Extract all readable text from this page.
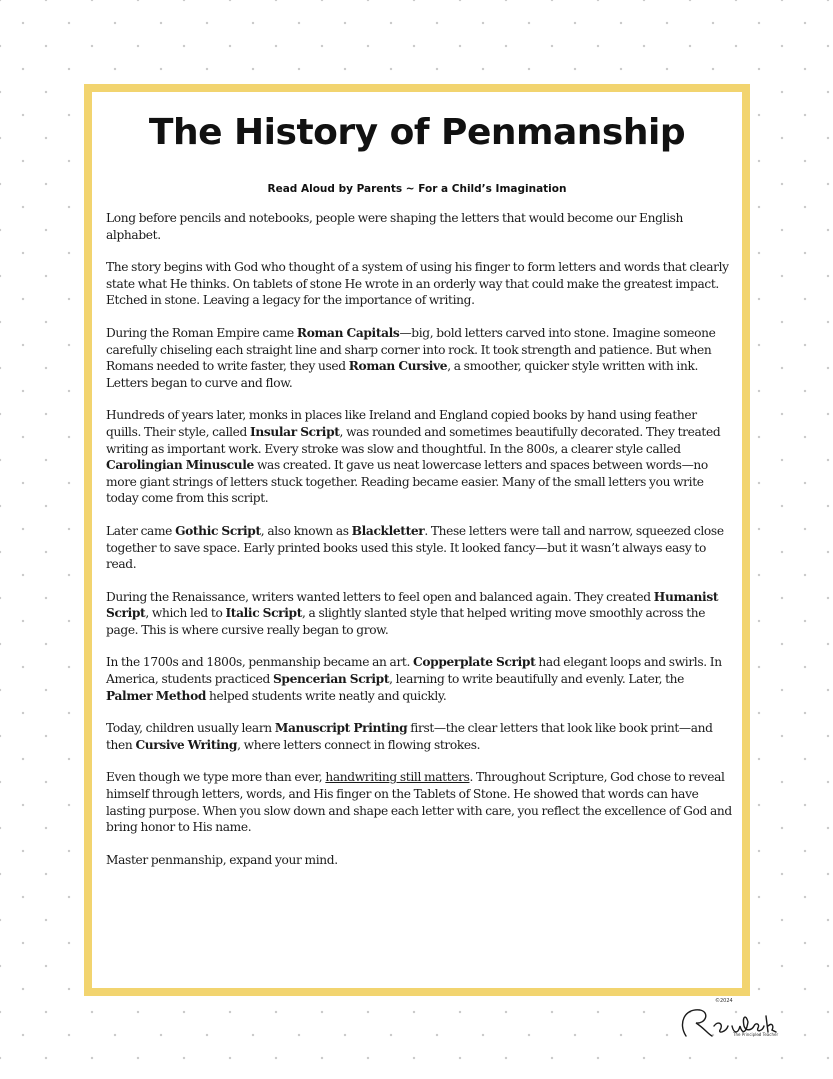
The History of Penmanship
Read Aloud by Parents ~ For a Child’s Imagination

Long before pencils and notebooks, people were shaping the letters that would become our English alphabet.

The story begins with God who thought of a system of using his finger to form letters and words that clearly state what He thinks. On tablets of stone He wrote in an orderly way that could make the greatest impact. Etched in stone. Leaving a legacy for the importance of writing.

During the Roman Empire came Roman Capitals—big, bold letters carved into stone. Imagine someone carefully chiseling each straight line and sharp corner into rock. It took strength and patience. But when Romans needed to write faster, they used Roman Cursive, a smoother, quicker style written with ink. Letters began to curve and flow.

Hundreds of years later, monks in places like Ireland and England copied books by hand using feather quills. Their style, called Insular Script, was rounded and sometimes beautifully decorated. They treated writing as important work. Every stroke was slow and thoughtful. In the 800s, a clearer style called Carolingian Minuscule was created. It gave us neat lowercase letters and spaces between words—no more giant strings of letters stuck together. Reading became easier. Many of the small letters you write today come from this script.

Later came Gothic Script, also known as Blackletter. These letters were tall and narrow, squeezed close together to save space. Early printed books used this style. It looked fancy—but it wasn’t always easy to read.

During the Renaissance, writers wanted letters to feel open and balanced again. They created Humanist Script, which led to Italic Script, a slightly slanted style that helped writing move smoothly across the page. This is where cursive really began to grow.

In the 1700s and 1800s, penmanship became an art. Copperplate Script had elegant loops and swirls. In America, students practiced Spencerian Script, learning to write beautifully and evenly. Later, the Palmer Method helped students write neatly and quickly.

Today, children usually learn Manuscript Printing first—the clear letters that look like book print—and then Cursive Writing, where letters connect in flowing strokes.

Even though we type more than ever, handwriting still matters. Throughout Scripture, God chose to reveal himself through letters, words, and His finger on the Tablets of Stone. He showed that words can have lasting purpose. When you slow down and shape each letter with care, you reflect the excellence of God and bring honor to His name.

Master penmanship, expand your mind.

©2024
The Principled Teacher
